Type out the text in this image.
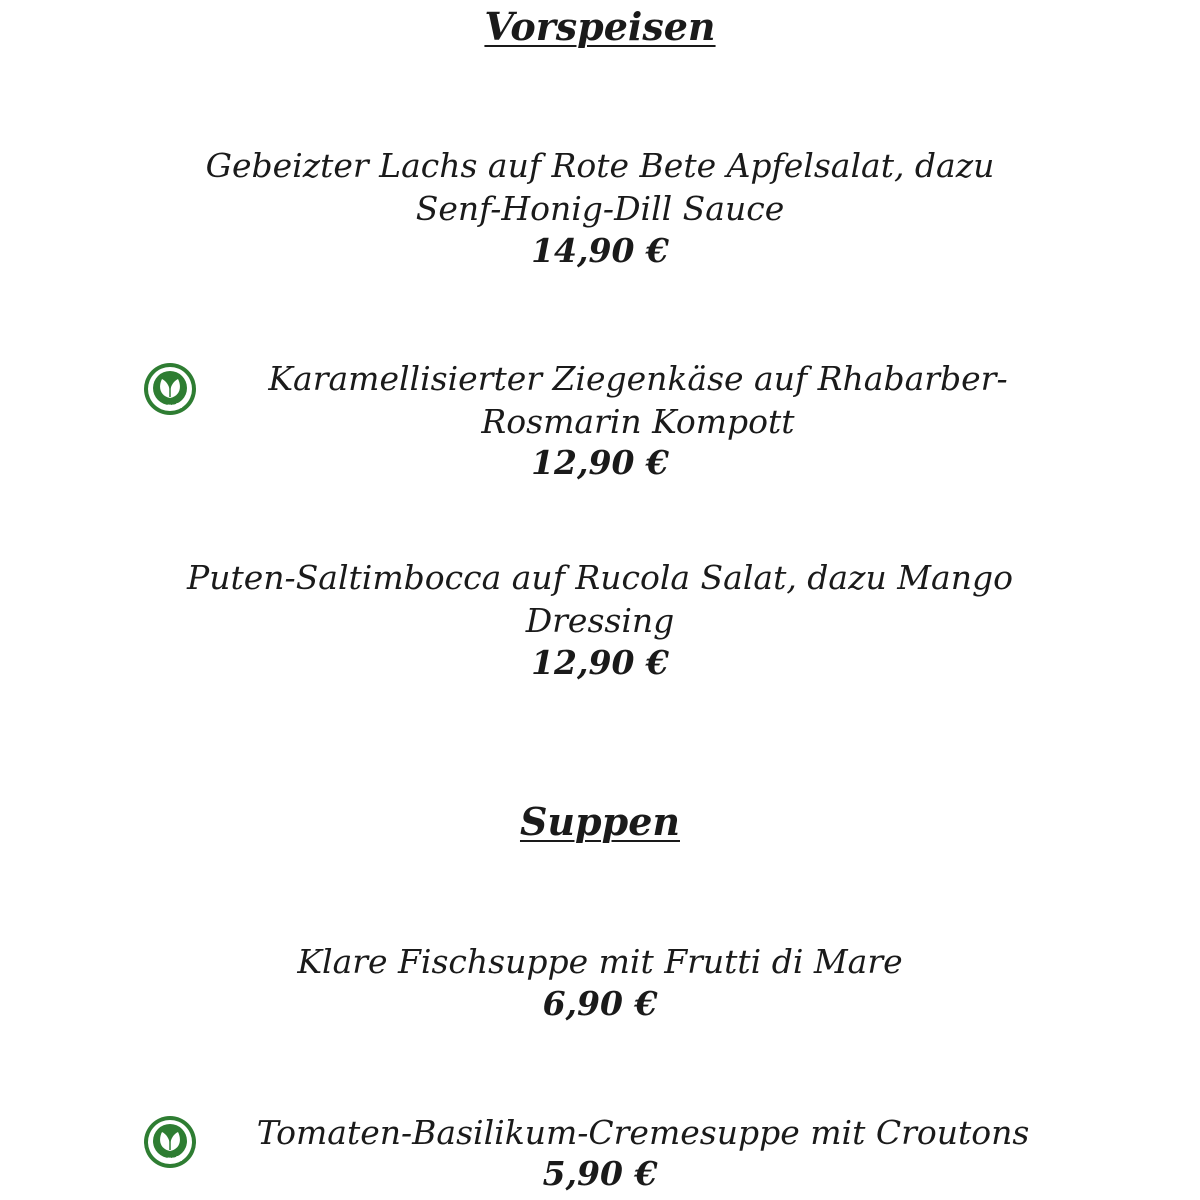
Vorspeisen

Gebeizter Lachs auf Rote Bete Apfelsalat, dazu

Senf-Honig-Dill Sauce

14,90 €

Veggie

Karamellisierter Ziegenkäse auf Rhabarber-

Rosmarin Kompott

12,90 €

Puten-Saltimbocca auf Rucola Salat, dazu Mango

Dressing

12,90 €

Suppen

Klare Fischsuppe mit Frutti di Mare

6,90 €

Veggie

Tomaten-Basilikum-Cremesuppe mit Croutons

5,90 €
